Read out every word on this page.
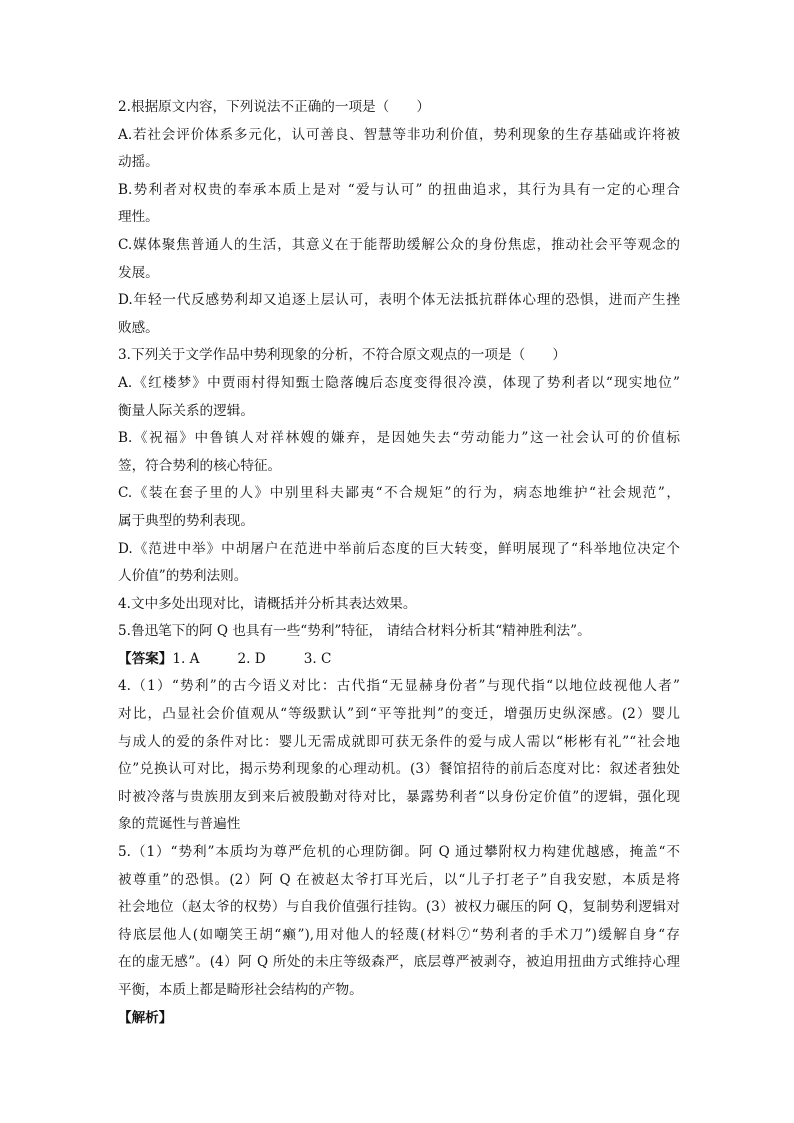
2.根据原文内容，下列说法不正确的一项是（　　）
A.若社会评价体系多元化，认可善良、智慧等非功利价值，势利现象的生存基础或许将被
动摇。
B.势利者对权贵的奉承本质上是对 “爱与认可” 的扭曲追求，其行为具有一定的心理合
理性。
C.媒体聚焦普通人的生活，其意义在于能帮助缓解公众的身份焦虑，推动社会平等观念的
发展。
D.年轻一代反感势利却又追逐上层认可，表明个体无法抵抗群体心理的恐惧，进而产生挫
败感。
3.下列关于文学作品中势利现象的分析，不符合原文观点的一项是（　　）
A.《红楼梦》中贾雨村得知甄士隐落魄后态度变得很冷漠，体现了势利者以“现实地位”
衡量人际关系的逻辑。
B.《祝福》中鲁镇人对祥林嫂的嫌弃，是因她失去“劳动能力”这一社会认可的价值标
签，符合势利的核心特征。
C.《装在套子里的人》中别里科夫鄙夷“不合规矩”的行为，病态地维护“社会规范”，
属于典型的势利表现。
D.《范进中举》中胡屠户在范进中举前后态度的巨大转变，鲜明展现了“科举地位决定个
人价值”的势利法则。
4.文中多处出现对比，请概括并分析其表达效果。
5.鲁迅笔下的阿 Q 也具有一些“势利”特征， 请结合材料分析其“精神胜利法”。
【答案】1. A	2. D	3. C
4.（1）“势利”的古今语义对比：古代指“无显赫身份者”与现代指“以地位歧视他人者”
对比，凸显社会价值观从“等级默认”到“平等批判”的变迁，增强历史纵深感。(2）婴儿
与成人的爱的条件对比：婴儿无需成就即可获无条件的爱与成人需以“彬彬有礼”“社会地
位”兑换认可对比，揭示势利现象的心理动机。(3）餐馆招待的前后态度对比：叙述者独处
时被冷落与贵族朋友到来后被殷勤对待对比，暴露势利者“以身份定价值”的逻辑，强化现
象的荒诞性与普遍性
5.（1）“势利”本质均为尊严危机的心理防御。阿 Q 通过攀附权力构建优越感，掩盖“不
被尊重”的恐惧。(2）阿 Q 在被赵太爷打耳光后，以“儿子打老子”自我安慰，本质是将
社会地位（赵太爷的权势）与自我价值强行挂钩。(3）被权力碾压的阿 Q，复制势利逻辑对
待底层他人(如嘲笑王胡“癞”),用对他人的轻蔑(材料⑦“势利者的手术刀”)缓解自身“存
在的虚无感”。(4）阿 Q 所处的未庄等级森严，底层尊严被剥夺，被迫用扭曲方式维持心理
平衡，本质上都是畸形社会结构的产物。
【解析】
